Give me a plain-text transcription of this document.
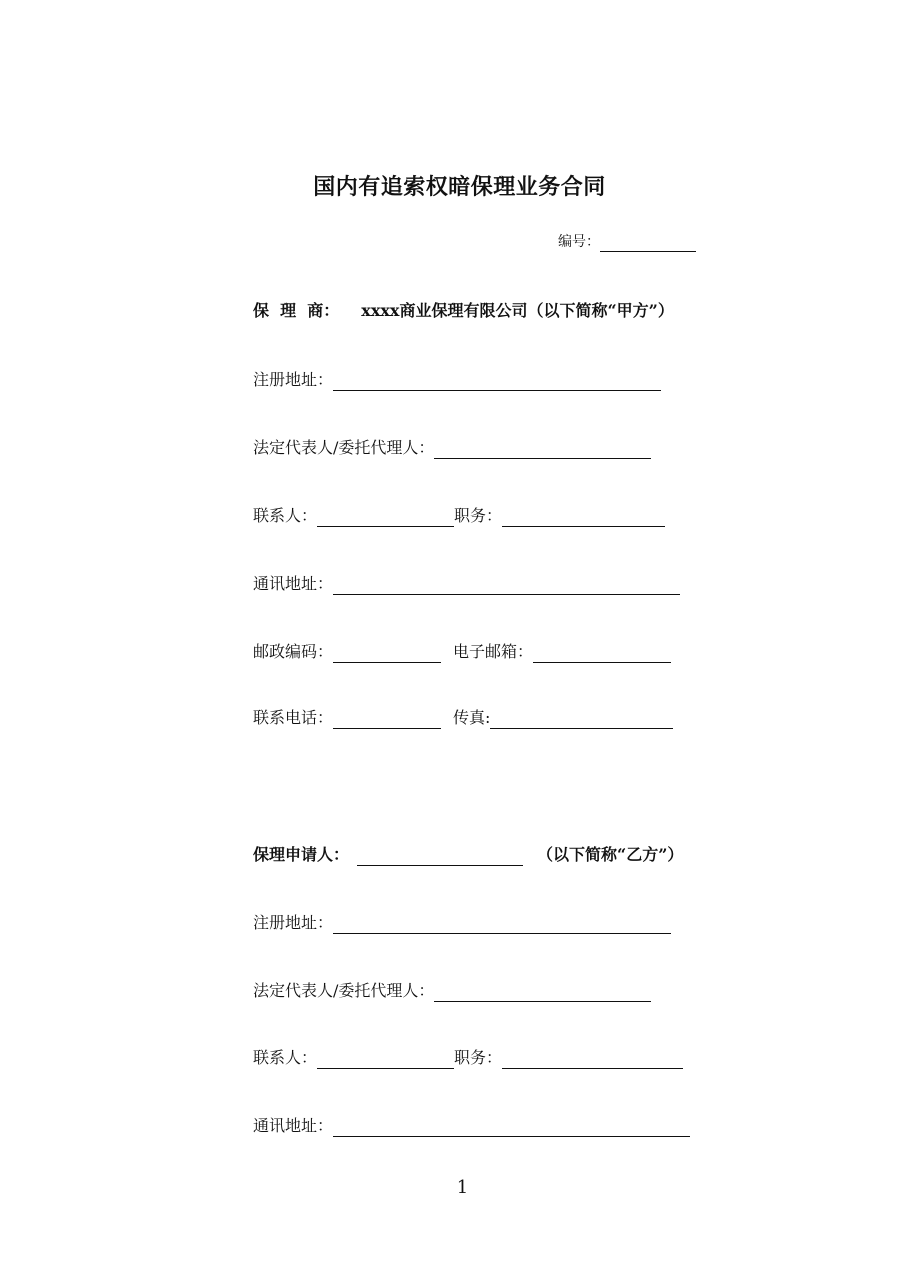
国内有追索权暗保理业务合同
编号：
保  理  商： xxxx商业保理有限公司（以下简称“甲方”）
注册地址：
法定代表人/委托代理人：
联系人：	职务：
通讯地址：
邮政编码：	电子邮箱：
联系电话：	传真:
保理申请人：	（以下简称“乙方”）
注册地址：
法定代表人/委托代理人：
联系人：	职务：
通讯地址：
1
